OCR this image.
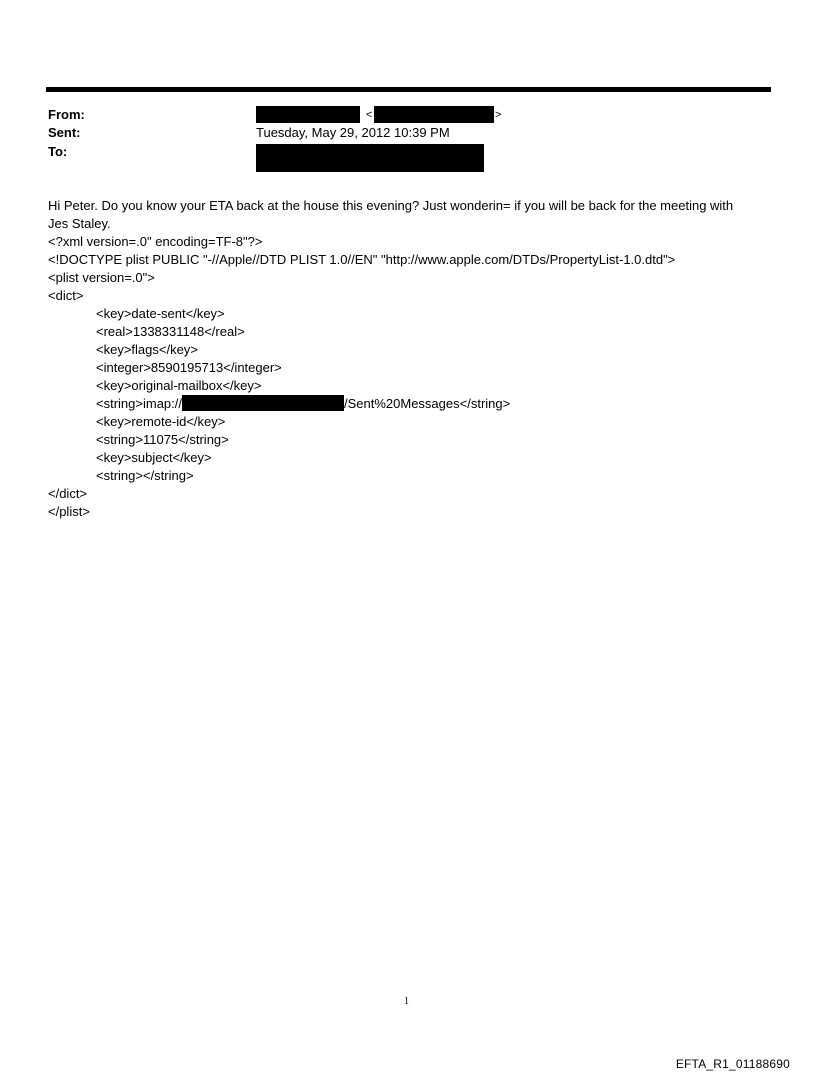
From:
Sent:
To:
<	>
Tuesday, May 29, 2012 10:39 PM
Hi Peter. Do you know your ETA back at the house this evening? Just wonderin= if you will be back for the meeting with
Jes Staley.
<?xml version=.0" encoding=TF-8"?>
<!DOCTYPE plist PUBLIC "-//Apple//DTD PLIST 1.0//EN" "http://www.apple.com/DTDs/PropertyList-1.0.dtd">
<plist version=.0">
<dict>
<key>date-sent</key>
<real>1338331148</real>
<key>flags</key>
<integer>8590195713</integer>
<key>original-mailbox</key>
<string>imap://	/Sent%20Messages</string>
<key>remote-id</key>
<string>11075</string>
<key>subject</key>
<string></string>
</dict>
</plist>
1
EFTA_R1_01188690
